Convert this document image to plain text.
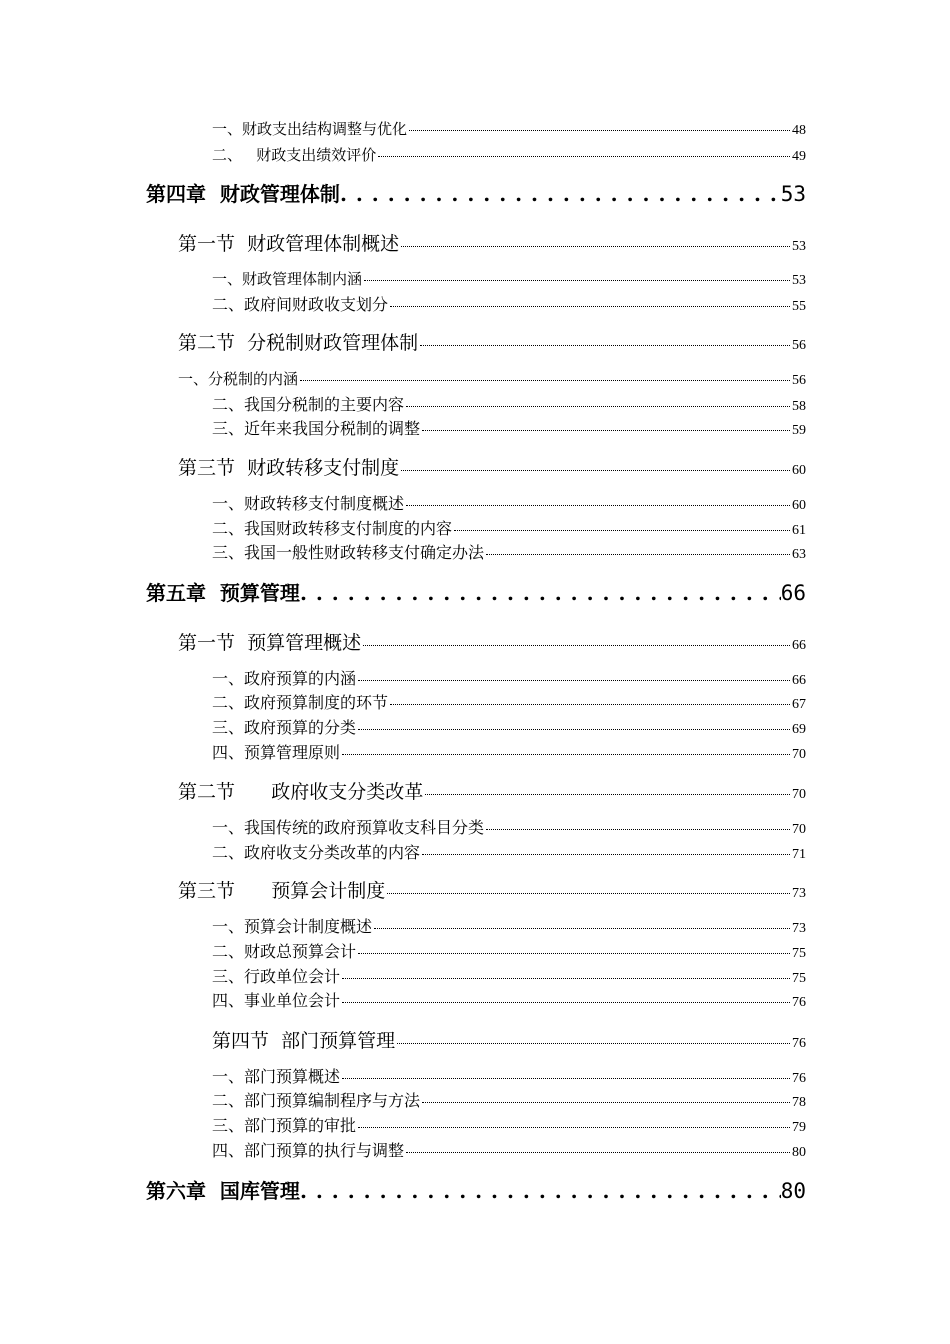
一、财政支出结构调整与优化	48
二、   财政支出绩效评价	49
第四章  财政管理体制 . . .	53
第一节  财政管理体制概述	53
一、财政管理体制内涵	53
二、政府间财政收支划分	55
第二节  分税制财政管理体制	56
一、分税制的内涵	56
二、我国分税制的主要内容	58
三、近年来我国分税制的调整	59
第三节  财政转移支付制度	60
一、财政转移支付制度概述	60
二、我国财政转移支付制度的内容	61
三、我国一般性财政转移支付确定办法	63
第五章  预算管理 . . .	66
第一节  预算管理概述	66
一、政府预算的内涵	66
二、政府预算制度的环节	67
三、政府预算的分类	69
四、预算管理原则	70
第二节      政府收支分类改革	70
一、我国传统的政府预算收支科目分类	70
二、政府收支分类改革的内容	71
第三节      预算会计制度	73
一、预算会计制度概述	73
二、财政总预算会计	75
三、行政单位会计	75
四、事业单位会计	76
第四节  部门预算管理	76
一、部门预算概述	76
二、部门预算编制程序与方法	78
三、部门预算的审批	79
四、部门预算的执行与调整	80
第六章  国库管理 . . .	80
